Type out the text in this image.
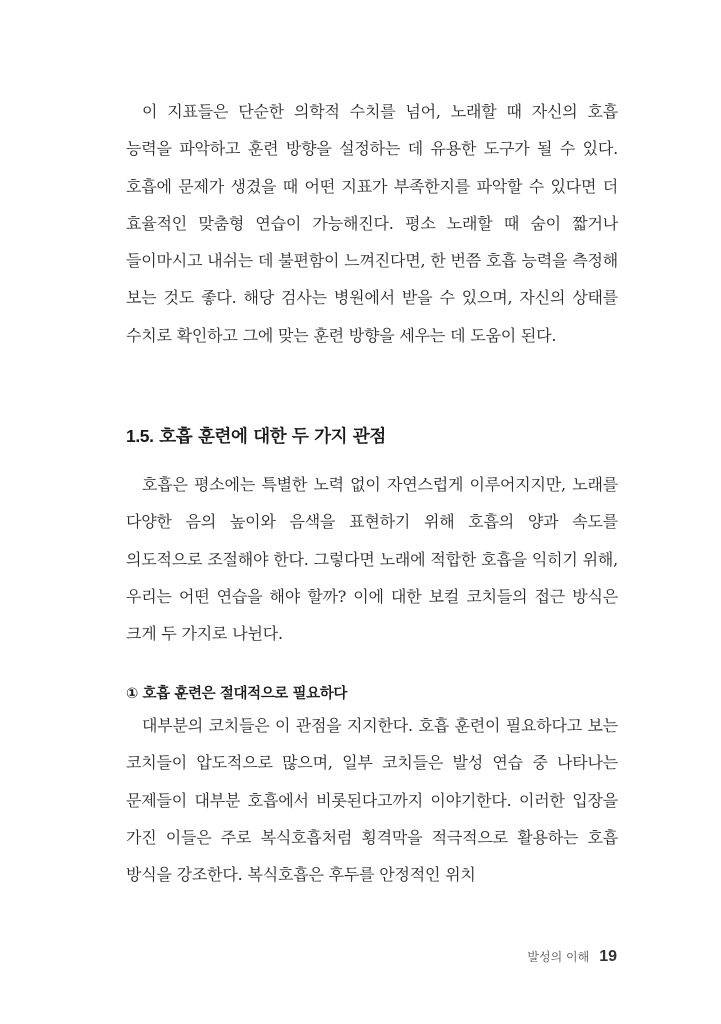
이 지표들은 단순한 의학적 수치를 넘어, 노래할 때 자신의 호흡 능력을 파악하고 훈련 방향을 설정하는 데 유용한 도구가 될 수 있다. 호흡에 문제가 생겼을 때 어떤 지표가 부족한지를 파악할 수 있다면 더 효율적인 맞춤형 연습이 가능해진다. 평소 노래할 때 숨이 짧거나 들이마시고 내쉬는 데 불편함이 느껴진다면, 한 번쯤 호흡 능력을 측정해 보는 것도 좋다. 해당 검사는 병원에서 받을 수 있으며, 자신의 상태를 수치로 확인하고 그에 맞는 훈련 방향을 세우는 데 도움이 된다.

1.5. 호흡 훈련에 대한 두 가지 관점

호흡은 평소에는 특별한 노력 없이 자연스럽게 이루어지지만, 노래를 다양한 음의 높이와 음색을 표현하기 위해 호흡의 양과 속도를 의도적으로 조절해야 한다. 그렇다면 노래에 적합한 호흡을 익히기 위해, 우리는 어떤 연습을 해야 할까? 이에 대한 보컬 코치들의 접근 방식은 크게 두 가지로 나뉜다.

① 호흡 훈련은 절대적으로 필요하다

대부분의 코치들은 이 관점을 지지한다. 호흡 훈련이 필요하다고 보는 코치들이 압도적으로 많으며, 일부 코치들은 발성 연습 중 나타나는 문제들이 대부분 호흡에서 비롯된다고까지 이야기한다. 이러한 입장을 가진 이들은 주로 복식호흡처럼 횡격막을 적극적으로 활용하는 호흡 방식을 강조한다. 복식호흡은 후두를 안정적인 위치

발성의 이해 19
